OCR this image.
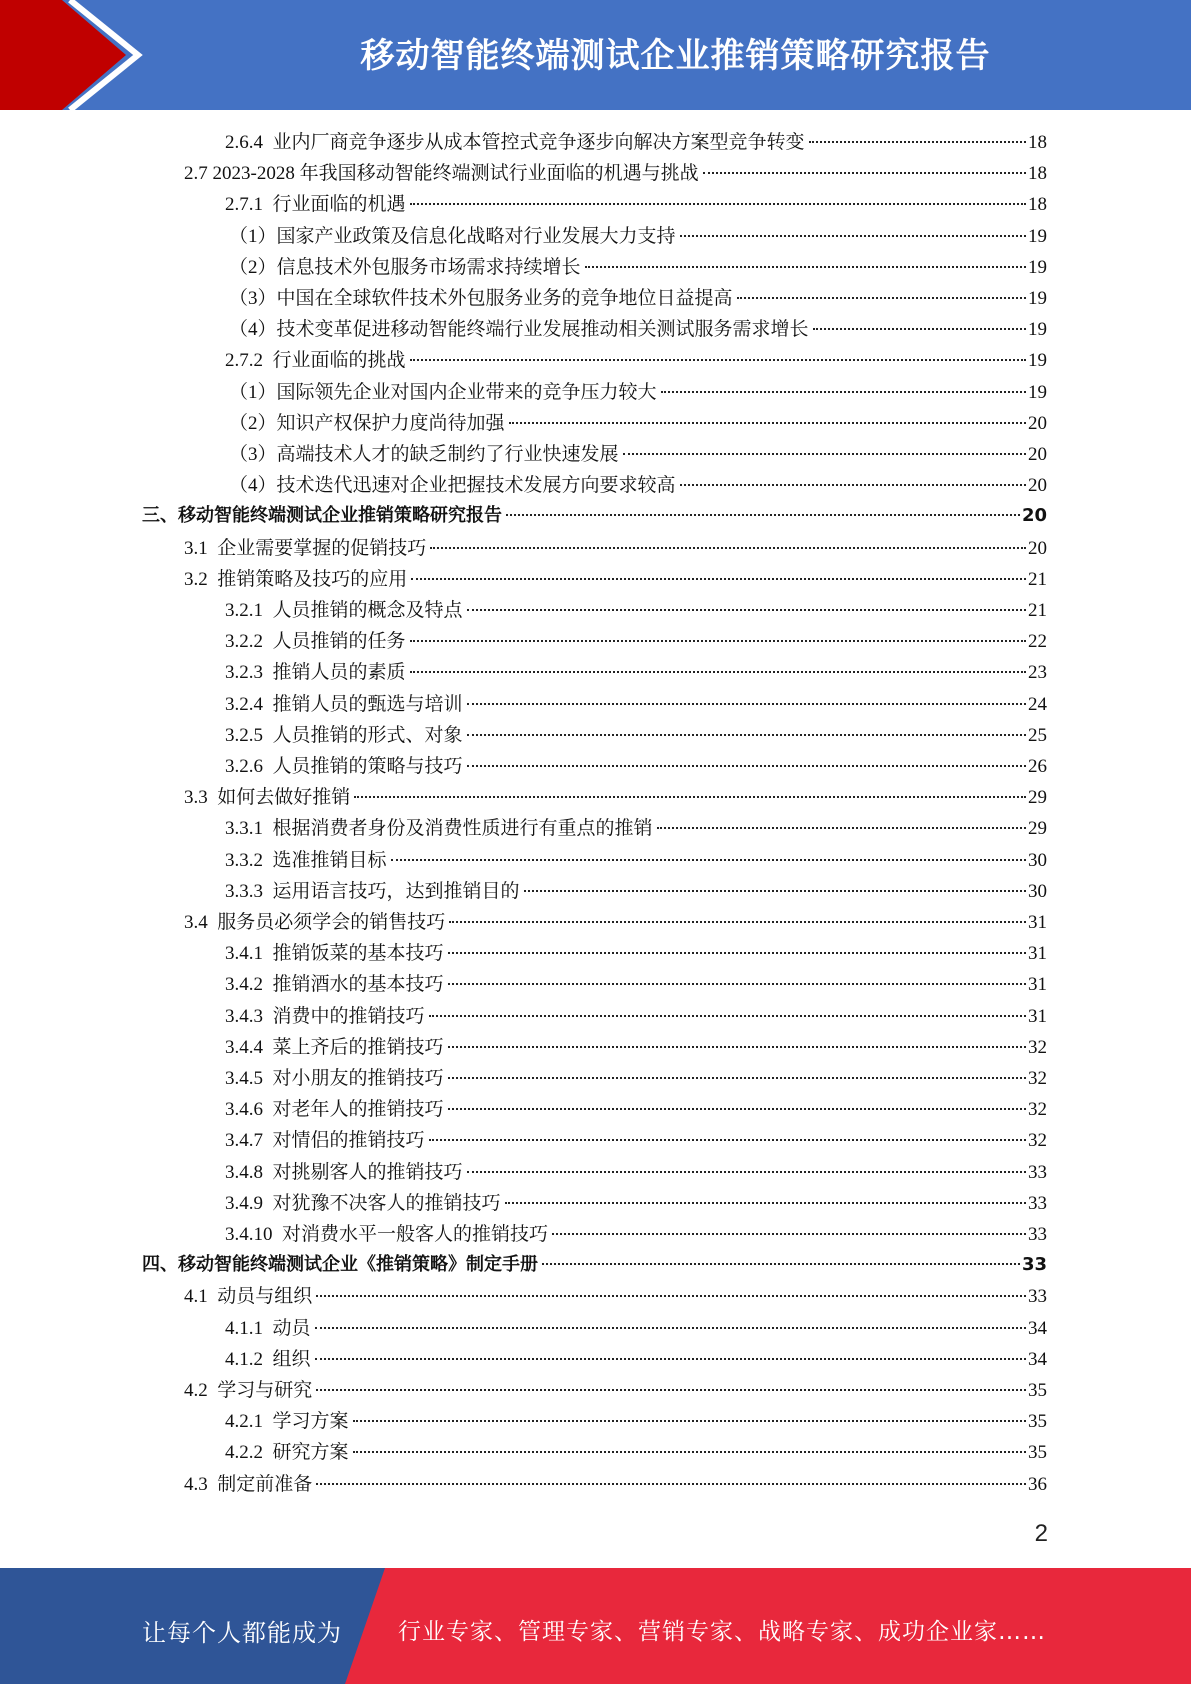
移动智能终端测试企业推销策略研究报告
2.6.4  业内厂商竞争逐步从成本管控式竞争逐步向解决方案型竞争转变	18
2.7 2023-2028 年我国移动智能终端测试行业面临的机遇与挑战	18
2.7.1  行业面临的机遇	18
（1）国家产业政策及信息化战略对行业发展大力支持	19
（2）信息技术外包服务市场需求持续增长	19
（3）中国在全球软件技术外包服务业务的竞争地位日益提高	19
（4）技术变革促进移动智能终端行业发展推动相关测试服务需求增长	19
2.7.2  行业面临的挑战	19
（1）国际领先企业对国内企业带来的竞争压力较大	19
（2）知识产权保护力度尚待加强	20
（3）高端技术人才的缺乏制约了行业快速发展	20
（4）技术迭代迅速对企业把握技术发展方向要求较高	20
三、移动智能终端测试企业推销策略研究报告	20
3.1  企业需要掌握的促销技巧	20
3.2  推销策略及技巧的应用	21
3.2.1  人员推销的概念及特点	21
3.2.2  人员推销的任务	22
3.2.3  推销人员的素质	23
3.2.4  推销人员的甄选与培训	24
3.2.5  人员推销的形式、对象	25
3.2.6  人员推销的策略与技巧	26
3.3  如何去做好推销	29
3.3.1  根据消费者身份及消费性质进行有重点的推销	29
3.3.2  选准推销目标	30
3.3.3  运用语言技巧，达到推销目的	30
3.4  服务员必须学会的销售技巧	31
3.4.1  推销饭菜的基本技巧	31
3.4.2  推销酒水的基本技巧	31
3.4.3  消费中的推销技巧	31
3.4.4  菜上齐后的推销技巧	32
3.4.5  对小朋友的推销技巧	32
3.4.6  对老年人的推销技巧	32
3.4.7  对情侣的推销技巧	32
3.4.8  对挑剔客人的推销技巧	33
3.4.9  对犹豫不决客人的推销技巧	33
3.4.10  对消费水平一般客人的推销技巧	33
四、移动智能终端测试企业《推销策略》制定手册	33
4.1  动员与组织	33
4.1.1  动员	34
4.1.2  组织	34
4.2  学习与研究	35
4.2.1  学习方案	35
4.2.2  研究方案	35
4.3  制定前准备	36
2
让每个人都能成为 行业专家、管理专家、营销专家、战略专家、成功企业家……
